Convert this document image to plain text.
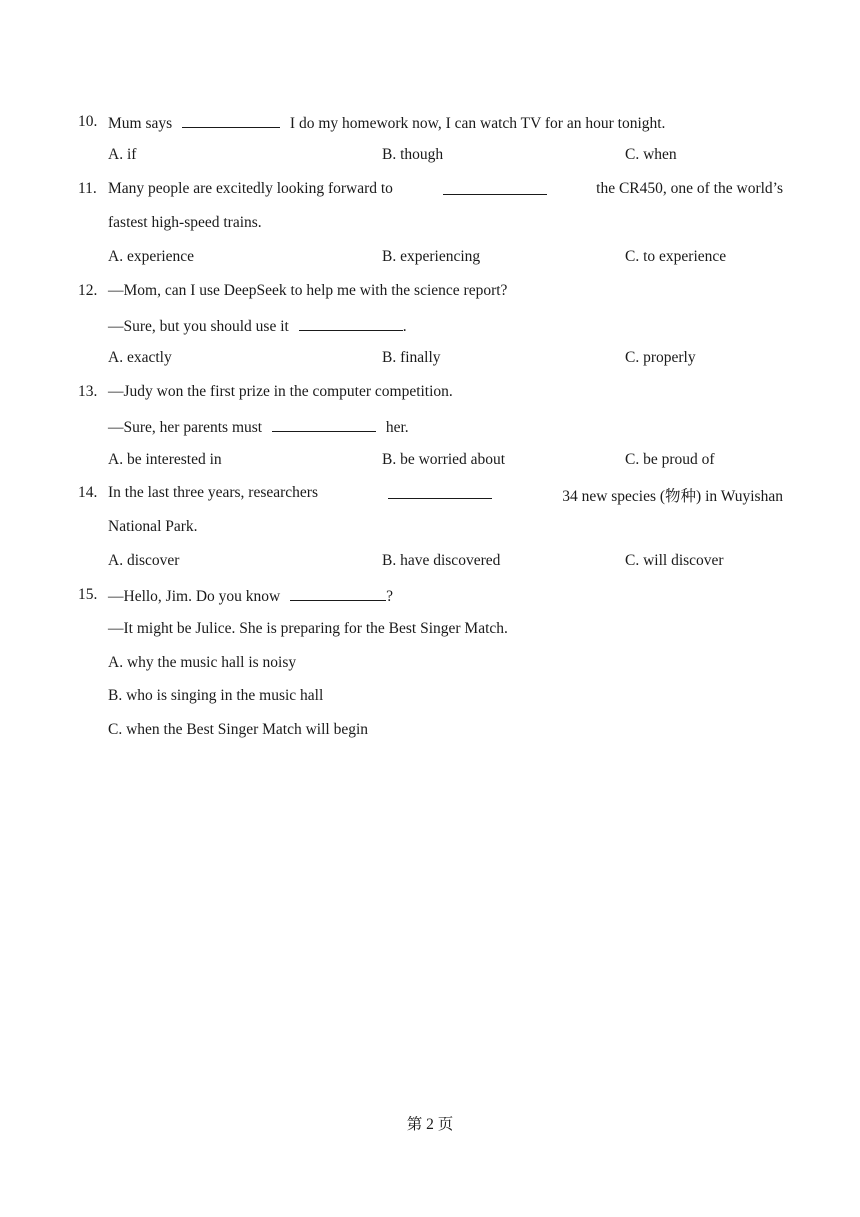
10. Mum says	I do my homework now, I can watch TV for an hour tonight.
A. if	B. though	C. when
11. Many people are excitedly looking forward to	the CR450, one of the world’s
fastest high-speed trains.
A. experience	B. experiencing	C. to experience
12. —Mom, can I use DeepSeek to help me with the science report?
—Sure, but you should use it	.
A. exactly	B. finally	C. properly
13. —Judy won the first prize in the computer competition.
—Sure, her parents must	her.
A. be interested in	B. be worried about	C. be proud of
14. In the last three years, researchers	34 new species (物种) in Wuyishan
National Park.
A. discover	B. have discovered	C. will discover
15. —Hello, Jim. Do you know	?
—It might be Julice. She is preparing for the Best Singer Match.
A. why the music hall is noisy
B. who is singing in the music hall
C. when the Best Singer Match will begin
第 2 页
